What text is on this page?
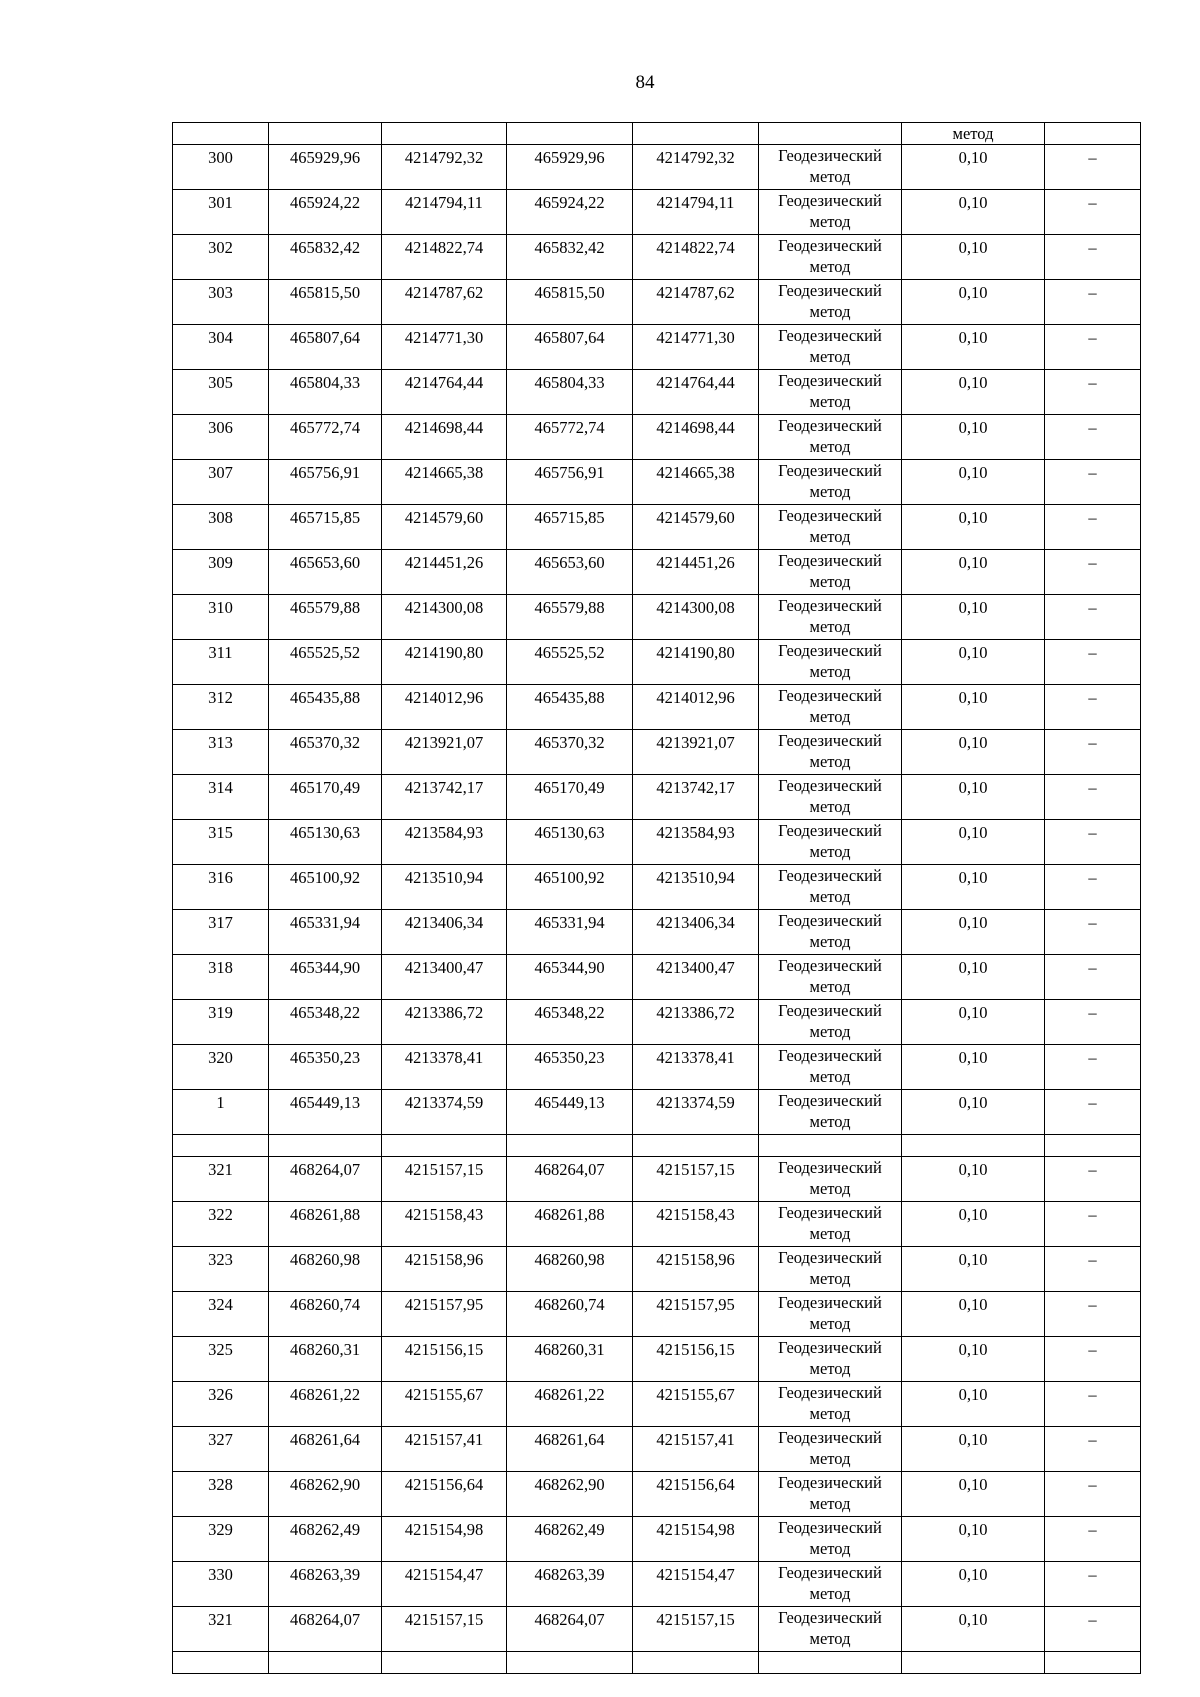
84
						метод	
300	465929,96	4214792,32	465929,96	4214792,32	Геодезический
метод	0,10	–
301	465924,22	4214794,11	465924,22	4214794,11	Геодезический
метод	0,10	–
302	465832,42	4214822,74	465832,42	4214822,74	Геодезический
метод	0,10	–
303	465815,50	4214787,62	465815,50	4214787,62	Геодезический
метод	0,10	–
304	465807,64	4214771,30	465807,64	4214771,30	Геодезический
метод	0,10	–
305	465804,33	4214764,44	465804,33	4214764,44	Геодезический
метод	0,10	–
306	465772,74	4214698,44	465772,74	4214698,44	Геодезический
метод	0,10	–
307	465756,91	4214665,38	465756,91	4214665,38	Геодезический
метод	0,10	–
308	465715,85	4214579,60	465715,85	4214579,60	Геодезический
метод	0,10	–
309	465653,60	4214451,26	465653,60	4214451,26	Геодезический
метод	0,10	–
310	465579,88	4214300,08	465579,88	4214300,08	Геодезический
метод	0,10	–
311	465525,52	4214190,80	465525,52	4214190,80	Геодезический
метод	0,10	–
312	465435,88	4214012,96	465435,88	4214012,96	Геодезический
метод	0,10	–
313	465370,32	4213921,07	465370,32	4213921,07	Геодезический
метод	0,10	–
314	465170,49	4213742,17	465170,49	4213742,17	Геодезический
метод	0,10	–
315	465130,63	4213584,93	465130,63	4213584,93	Геодезический
метод	0,10	–
316	465100,92	4213510,94	465100,92	4213510,94	Геодезический
метод	0,10	–
317	465331,94	4213406,34	465331,94	4213406,34	Геодезический
метод	0,10	–
318	465344,90	4213400,47	465344,90	4213400,47	Геодезический
метод	0,10	–
319	465348,22	4213386,72	465348,22	4213386,72	Геодезический
метод	0,10	–
320	465350,23	4213378,41	465350,23	4213378,41	Геодезический
метод	0,10	–
1	465449,13	4213374,59	465449,13	4213374,59	Геодезический
метод	0,10	–

321	468264,07	4215157,15	468264,07	4215157,15	Геодезический
метод	0,10	–
322	468261,88	4215158,43	468261,88	4215158,43	Геодезический
метод	0,10	–
323	468260,98	4215158,96	468260,98	4215158,96	Геодезический
метод	0,10	–
324	468260,74	4215157,95	468260,74	4215157,95	Геодезический
метод	0,10	–
325	468260,31	4215156,15	468260,31	4215156,15	Геодезический
метод	0,10	–
326	468261,22	4215155,67	468261,22	4215155,67	Геодезический
метод	0,10	–
327	468261,64	4215157,41	468261,64	4215157,41	Геодезический
метод	0,10	–
328	468262,90	4215156,64	468262,90	4215156,64	Геодезический
метод	0,10	–
329	468262,49	4215154,98	468262,49	4215154,98	Геодезический
метод	0,10	–
330	468263,39	4215154,47	468263,39	4215154,47	Геодезический
метод	0,10	–
321	468264,07	4215157,15	468264,07	4215157,15	Геодезический
метод	0,10	–
